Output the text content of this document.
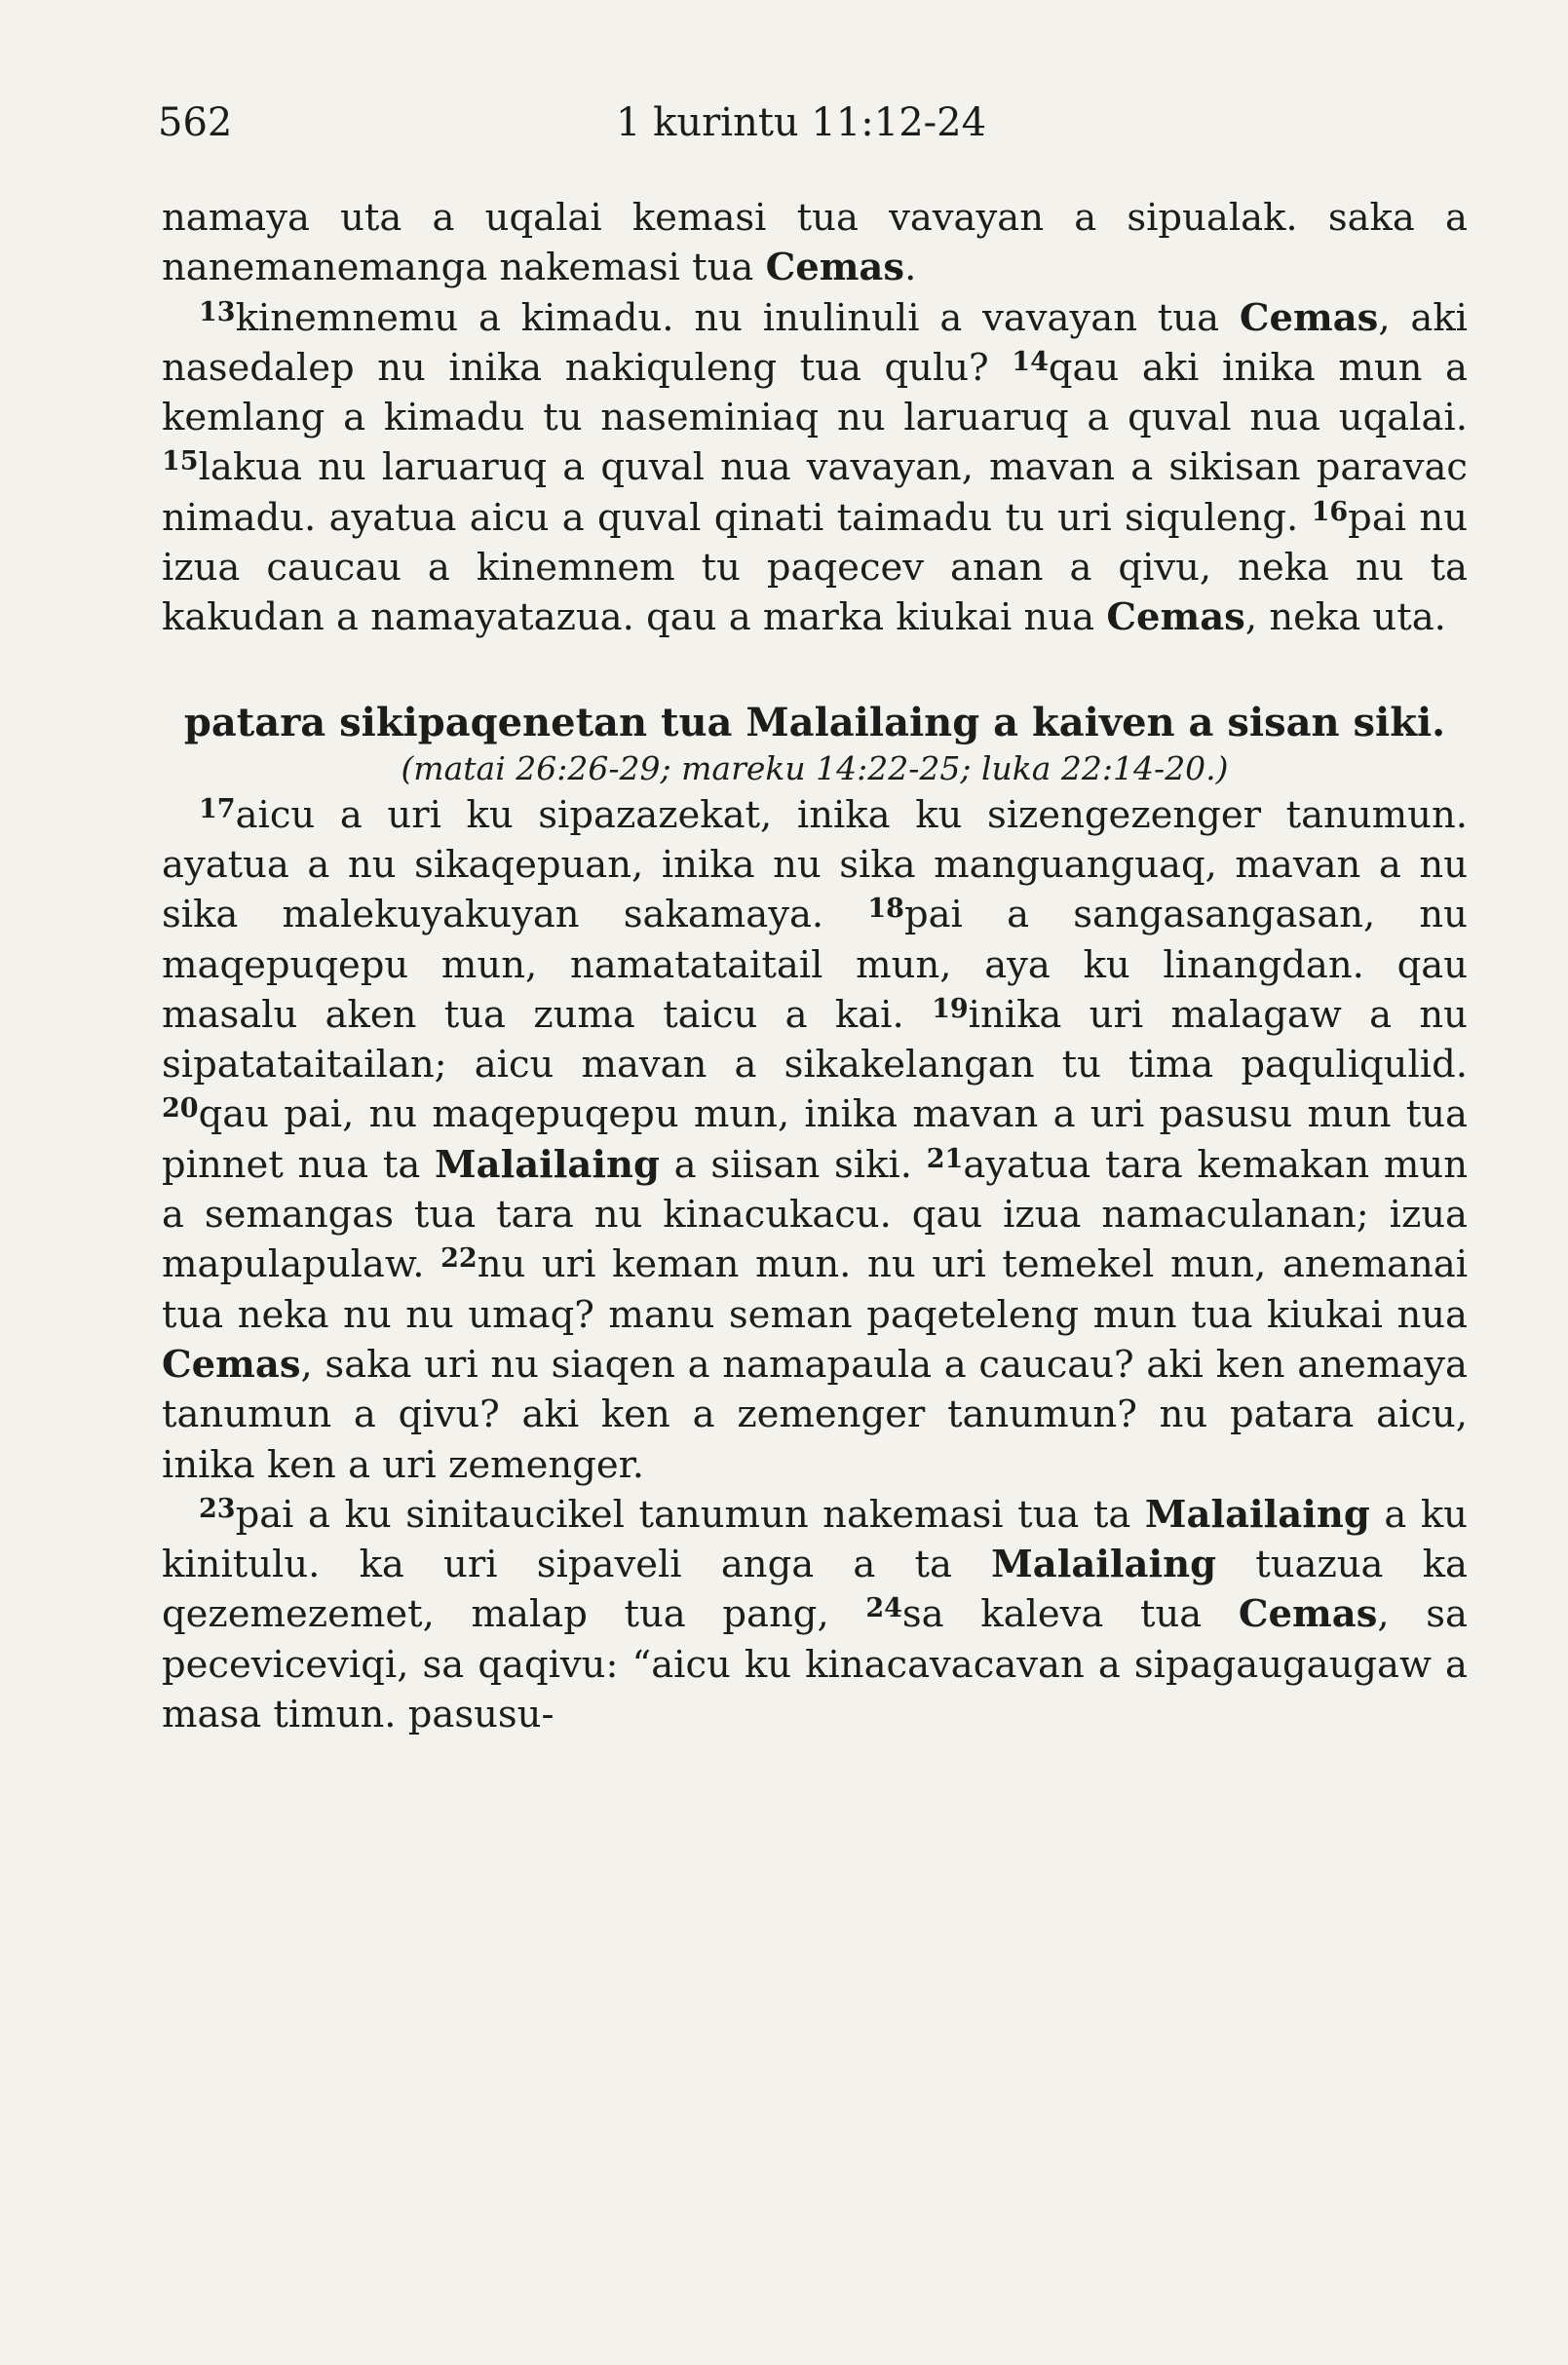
562	1 kurintu 11:12-24

namaya uta a uqalai kemasi tua vavayan a sipualak. saka a nanemanemanga nakemasi tua Cemas.

$^{13}$kinemnemu a kimadu. nu inulinuli a vavayan tua Cemas, aki nasedalep nu inika nakiquleng tua qulu? $^{14}$qau aki inika mun a kemlang a kimadu tu naseminiaq nu laruaruq a quval nua uqalai. $^{15}$lakua nu laruaruq a quval nua vavayan, mavan a sikisan paravac nimadu. ayatua aicu a quval qinati taimadu tu uri siquleng. $^{16}$pai nu izua caucau a kinemnem tu paqecev anan a qivu, neka nu ta kakudan a namayatazua. qau a marka kiukai nua Cemas, neka uta.

patara sikipaqenetan tua Malailaing a kaiven a sisan siki.

(matai 26:26-29; mareku 14:22-25; luka 22:14-20.)

$^{17}$aicu a uri ku sipazazekat, inika ku sizengezenger tanumun. ayatua a nu sikaqepuan, inika nu sika manguanguaq, mavan a nu sika malekuyakuyan sakamaya. $^{18}$pai a sangasangasan, nu maqepuqepu mun, namatataitail mun, aya ku linangdan. qau masalu aken tua zuma taicu a kai. $^{19}$inika uri malagaw a nu sipatataitailan; aicu mavan a sikakelangan tu tima paquliqulid. $^{20}$qau pai, nu maqepuqepu mun, inika mavan a uri pasusu mun tua pinnet nua ta Malailaing a siisan siki. $^{21}$ayatua tara kemakan mun a semangas tua tara nu kinacukacu. qau izua namaculanan; izua mapulapulaw. $^{22}$nu uri keman mun. nu uri temekel mun, anemanai tua neka nu nu umaq? manu seman paqeteleng mun tua kiukai nua Cemas, saka uri nu siaqen a namapaula a caucau? aki ken anemaya tanumun a qivu? aki ken a zemenger tanumun? nu patara aicu, inika ken a uri zemenger.

$^{23}$pai a ku sinitaucikel tanumun nakemasi tua ta Malailaing a ku kinitulu. ka uri sipaveli anga a ta Malailaing tuazua ka qezemezemet, malap tua pang, $^{24}$sa kaleva tua Cemas, sa peceviceviqi, sa qaqivu: “aicu ku kinacavacavan a sipagaugaugaw a masa timun. pasusu-
